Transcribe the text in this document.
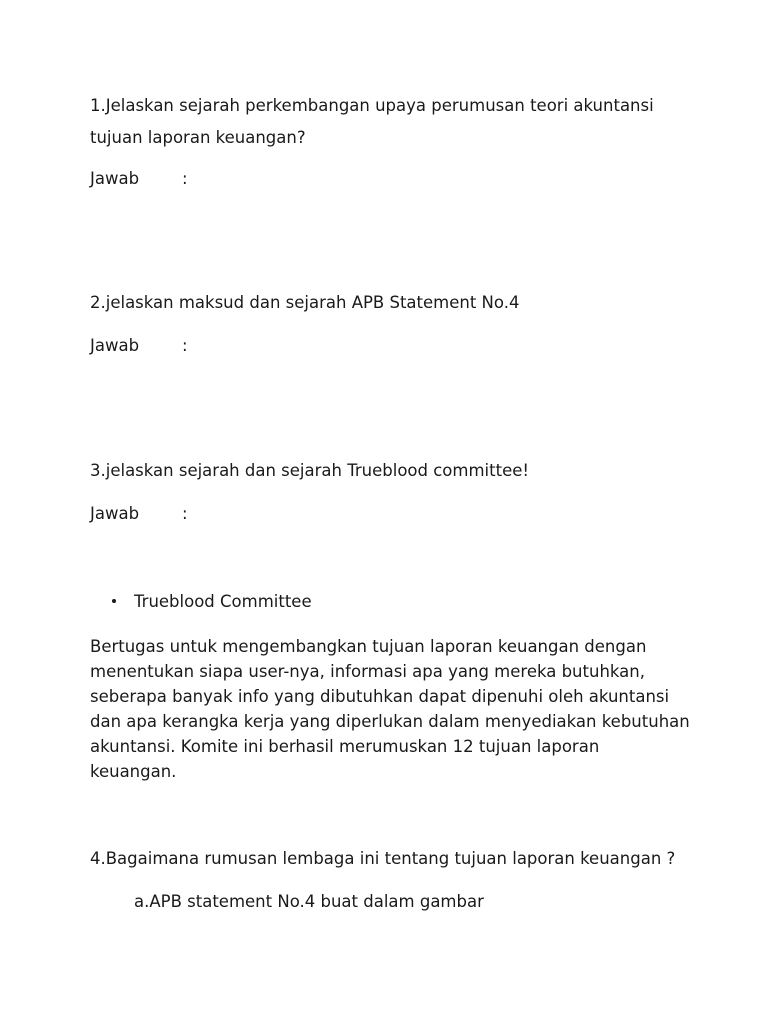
1.Jelaskan sejarah perkembangan upaya perumusan teori akuntansi
tujuan laporan keuangan?
Jawab	:
2.jelaskan maksud dan sejarah APB Statement No.4
Jawab	:
3.jelaskan sejarah dan sejarah Trueblood committee!
Jawab	:
Trueblood Committee
Bertugas untuk mengembangkan tujuan laporan keuangan dengan
menentukan siapa user-nya, informasi apa yang mereka butuhkan,
seberapa banyak info yang dibutuhkan dapat dipenuhi oleh akuntansi
dan apa kerangka kerja yang diperlukan dalam menyediakan kebutuhan
akuntansi. Komite ini berhasil merumuskan 12 tujuan laporan
keuangan.
4.Bagaimana rumusan lembaga ini tentang tujuan laporan keuangan ?
a.APB statement No.4 buat dalam gambar
